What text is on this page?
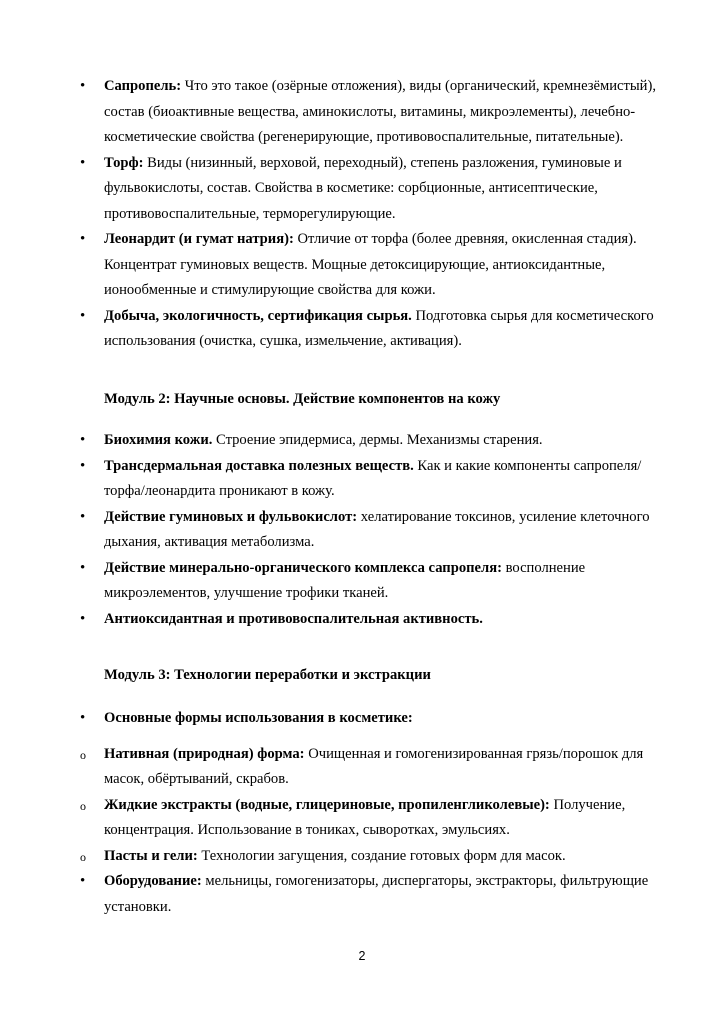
• Сапропель: Что это такое (озёрные отложения), виды (органический, кремнезёмистый), состав (биоактивные вещества, аминокислоты, витамины, микроэлементы), лечебно-косметические свойства (регенерирующие, противовоспалительные, питательные).
• Торф: Виды (низинный, верховой, переходный), степень разложения, гуминовые и фульвокислоты, состав. Свойства в косметике: сорбционные, антисептические, противовоспалительные, терморегулирующие.
• Леонардит (и гумат натрия): Отличие от торфа (более древняя, окисленная стадия). Концентрат гуминовых веществ. Мощные детоксицирующие, антиоксидантные, ионообменные и стимулирующие свойства для кожи.
• Добыча, экологичность, сертификация сырья. Подготовка сырья для косметического использования (очистка, сушка, измельчение, активация).

Модуль 2: Научные основы. Действие компонентов на кожу

• Биохимия кожи. Строение эпидермиса, дермы. Механизмы старения.
• Трансдермальная доставка полезных веществ. Как и какие компоненты сапропеля/торфа/леонардита проникают в кожу.
• Действие гуминовых и фульвокислот: хелатирование токсинов, усиление клеточного дыхания, активация метаболизма.
• Действие минерально-органического комплекса сапропеля: восполнение микроэлементов, улучшение трофики тканей.
• Антиоксидантная и противовоспалительная активность.

Модуль 3: Технологии переработки и экстракции

• Основные формы использования в косметике:
o Нативная (природная) форма: Очищенная и гомогенизированная грязь/порошок для масок, обёртываний, скрабов.
o Жидкие экстракты (водные, глицериновые, пропиленгликолевые): Получение, концентрация. Использование в тониках, сыворотках, эмульсиях.
o Пасты и гели: Технологии загущения, создание готовых форм для масок.
• Оборудование: мельницы, гомогенизаторы, диспергаторы, экстракторы, фильтрующие установки.
2
